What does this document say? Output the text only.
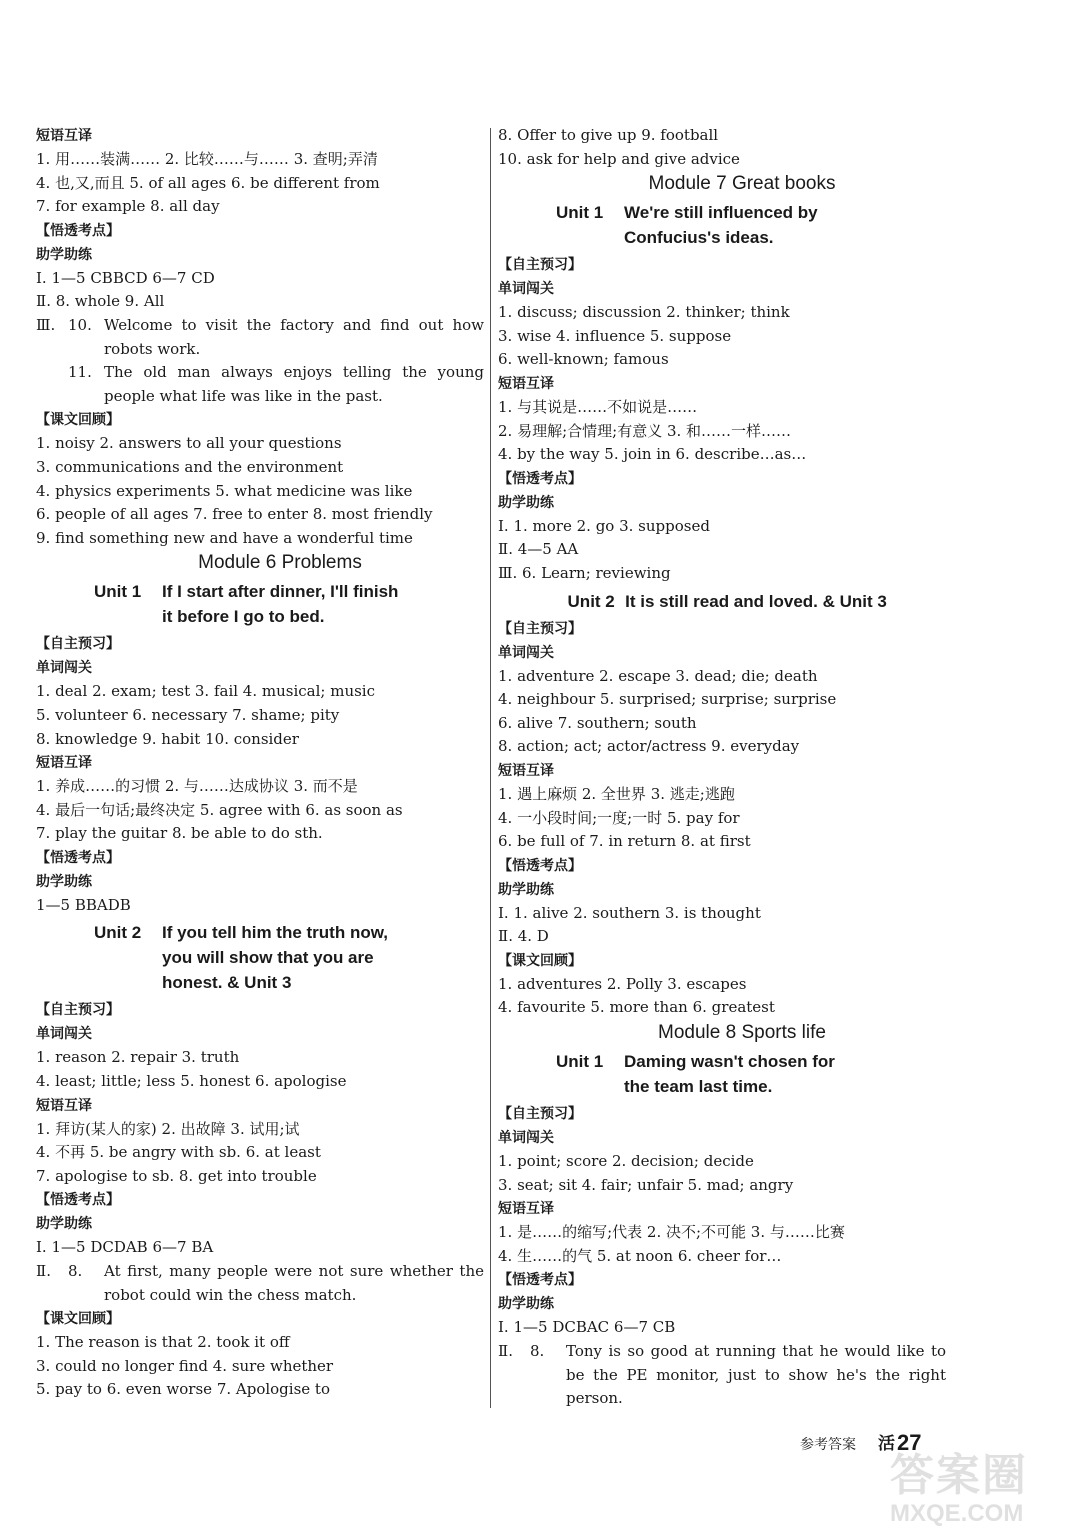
短语互译
1. 用……装满…… 2. 比较……与…… 3. 查明;弄清
4. 也,又,而且 5. of all ages 6. be different from
7. for example 8. all day
【悟透考点】
助学助练
Ⅰ. 1—5 CBBCD 6—7 CD
Ⅱ. 8. whole 9. All
Ⅲ. 10. Welcome to visit the factory and find out how robots work.
11. The old man always enjoys telling the young people what life was like in the past.
【课文回顾】
1. noisy 2. answers to all your questions
3. communications and the environment
4. physics experiments 5. what medicine was like
6. people of all ages 7. free to enter 8. most friendly
9. find something new and have a wonderful time
Module 6 Problems
Unit 1 If I start after dinner, I'll finish
it before I go to bed.
【自主预习】
单词闯关
1. deal 2. exam; test 3. fail 4. musical; music
5. volunteer 6. necessary 7. shame; pity
8. knowledge 9. habit 10. consider
短语互译
1. 养成……的习惯 2. 与……达成协议 3. 而不是
4. 最后一句话;最终决定 5. agree with 6. as soon as
7. play the guitar 8. be able to do sth.
【悟透考点】
助学助练
1—5 BBADB
Unit 2 If you tell him the truth now,
you will show that you are
honest. & Unit 3
【自主预习】
单词闯关
1. reason 2. repair 3. truth
4. least; little; less 5. honest 6. apologise
短语互译
1. 拜访(某人的家) 2. 出故障 3. 试用;试
4. 不再 5. be angry with sb. 6. at least
7. apologise to sb. 8. get into trouble
【悟透考点】
助学助练
Ⅰ. 1—5 DCDAB 6—7 BA
Ⅱ.	8.	At first, many people were not sure whether the robot could win the chess match.
【课文回顾】
1. The reason is that 2. took it off
3. could no longer find 4. sure whether
5. pay to 6. even worse 7. Apologise to
8. Offer to give up 9. football
10. ask for help and give advice
Module 7 Great books
Unit 1 We're still influenced by
Confucius's ideas.
【自主预习】
单词闯关
1. discuss; discussion 2. thinker; think
3. wise 4. influence 5. suppose
6. well-known; famous
短语互译
1. 与其说是……不如说是……
2. 易理解;合情理;有意义 3. 和……一样……
4. by the way 5. join in 6. describe…as…
【悟透考点】
助学助练
Ⅰ. 1. more 2. go 3. supposed
Ⅱ. 4—5 AA
Ⅲ. 6. Learn; reviewing
Unit 2 It is still read and loved. & Unit 3
【自主预习】
单词闯关
1. adventure 2. escape 3. dead; die; death
4. neighbour 5. surprised; surprise; surprise
6. alive 7. southern; south
8. action; act; actor/actress 9. everyday
短语互译
1. 遇上麻烦 2. 全世界 3. 逃走;逃跑
4. 一小段时间;一度;一时 5. pay for
6. be full of 7. in return 8. at first
【悟透考点】
助学助练
Ⅰ. 1. alive 2. southern 3. is thought
Ⅱ. 4. D
【课文回顾】
1. adventures 2. Polly 3. escapes
4. favourite 5. more than 6. greatest
Module 8 Sports life
Unit 1 Daming wasn't chosen for
the team last time.
【自主预习】
单词闯关
1. point; score 2. decision; decide
3. seat; sit 4. fair; unfair 5. mad; angry
短语互译
1. 是……的缩写;代表 2. 决不;不可能 3. 与……比赛
4. 生……的气 5. at noon 6. cheer for…
【悟透考点】
助学助练
Ⅰ. 1—5 DCBAC 6—7 CB
Ⅱ.	8.	Tony is so good at running that he would like to be the PE monitor, just to show he's the right person.
参考答案 活 27
答案圈
MXQE.COM
